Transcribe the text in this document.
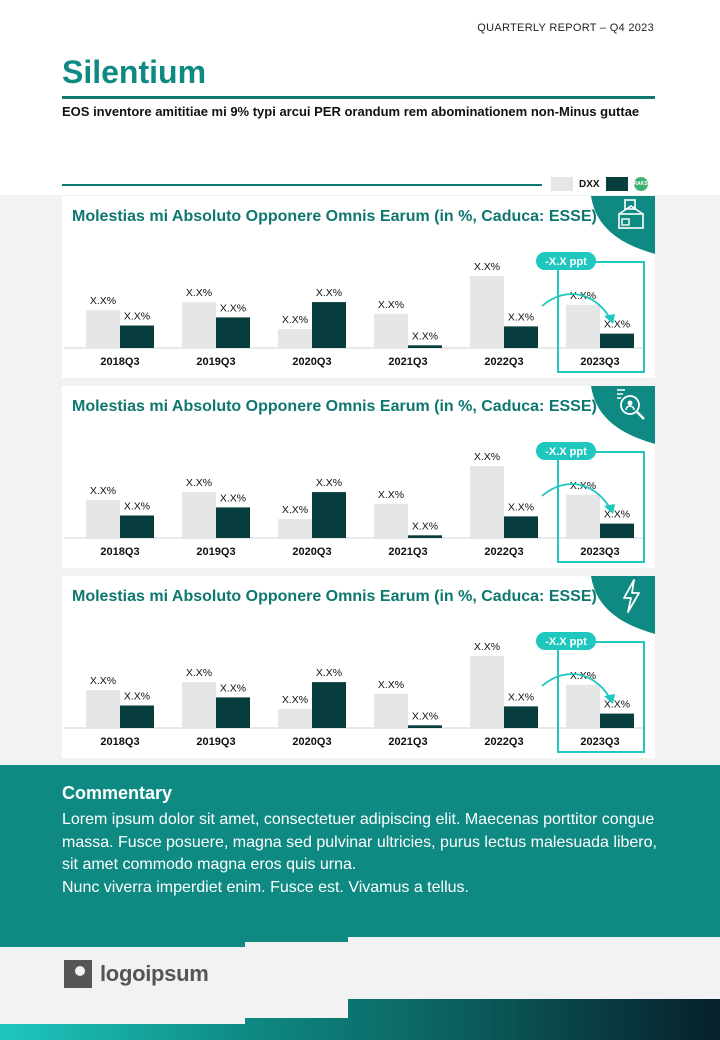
QUARTERLY REPORT – Q4 2023
Silentium
EOS inventore amititiae mi 9% typi arcui PER orandum rem abominationem non-Minus guttae
DXX	RAKS
X.X%
X.X%
2018Q3
X.X%
X.X%
2019Q3
X.X%
X.X%
2020Q3
X.X%
X.X%
2021Q3
X.X%
X.X%
2022Q3
X.X%
X.X%
2023Q3
-X.X ppt
Molestias mi Absoluto Opponere Omnis Earum (in %, Caduca: ESSE)
X.X%
X.X%
2018Q3
X.X%
X.X%
2019Q3
X.X%
X.X%
2020Q3
X.X%
X.X%
2021Q3
X.X%
X.X%
2022Q3
X.X%
X.X%
2023Q3
-X.X ppt
Molestias mi Absoluto Opponere Omnis Earum (in %, Caduca: ESSE)
X.X%
X.X%
2018Q3
X.X%
X.X%
2019Q3
X.X%
X.X%
2020Q3
X.X%
X.X%
2021Q3
X.X%
X.X%
2022Q3
X.X%
X.X%
2023Q3
-X.X ppt
Molestias mi Absoluto Opponere Omnis Earum (in %, Caduca: ESSE)
Commentary

Lorem ipsum dolor sit amet, consectetuer adipiscing elit. Maecenas porttitor congue massa. Fusce posuere, magna sed pulvinar ultricies, purus lectus malesuada libero, sit amet commodo magna eros quis urna.

Nunc viverra imperdiet enim. Fusce est. Vivamus a tellus.

logoipsum
